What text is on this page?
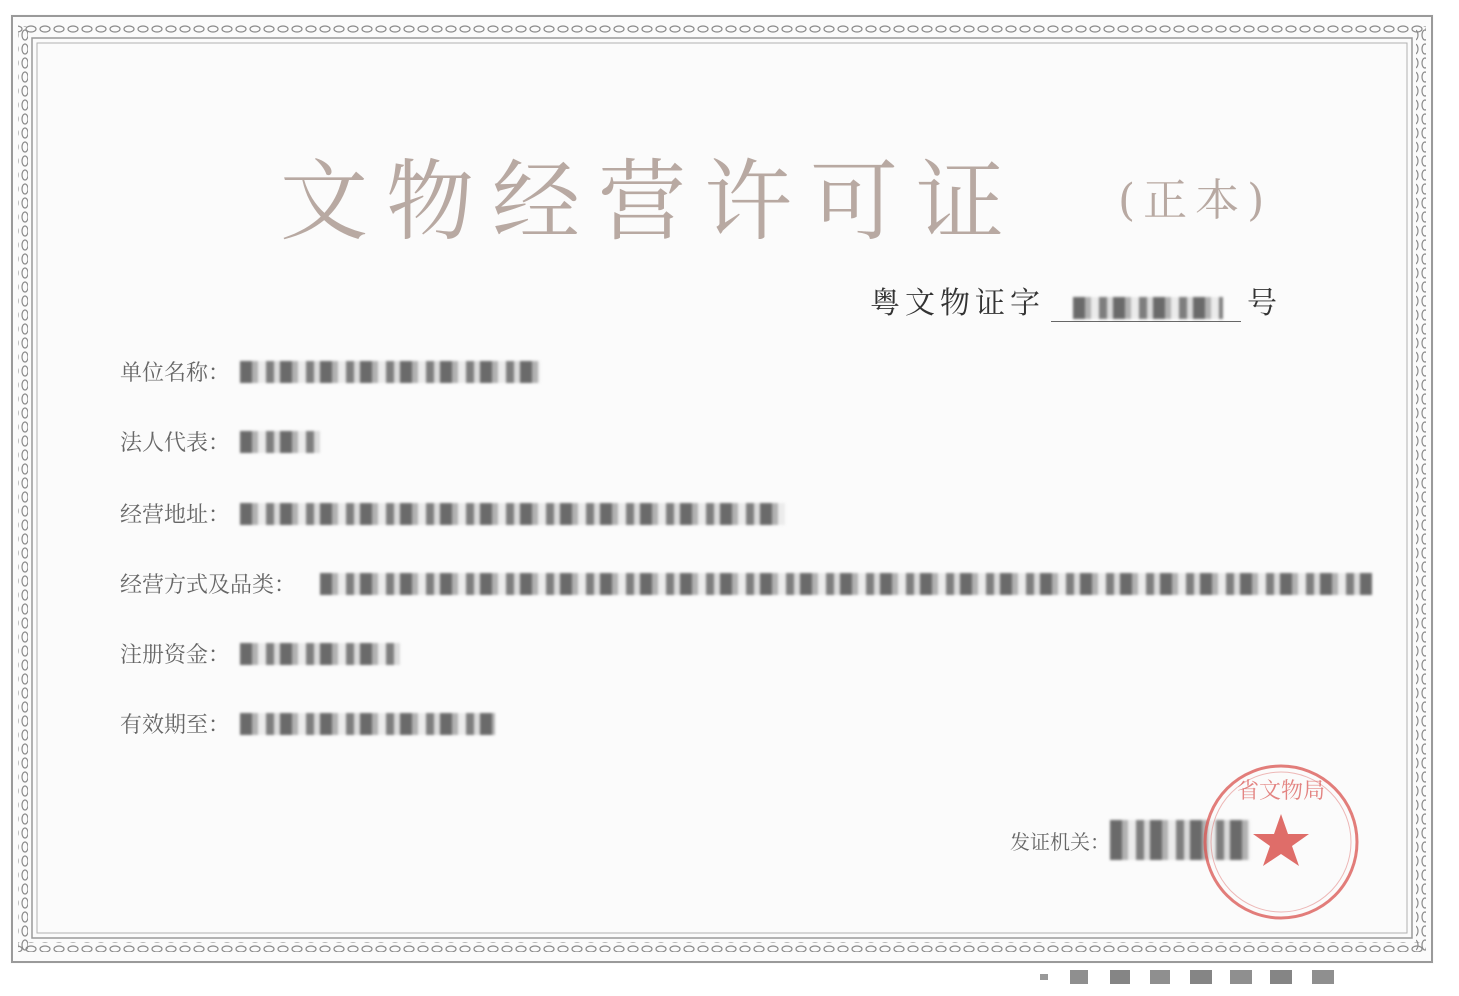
文物经营许可证 (正本)
粤文物证字	号
单位名称：
法人代表：
经营地址：
经营方式及品类：
注册资金：
有效期至：
发证机关：
省文物局
